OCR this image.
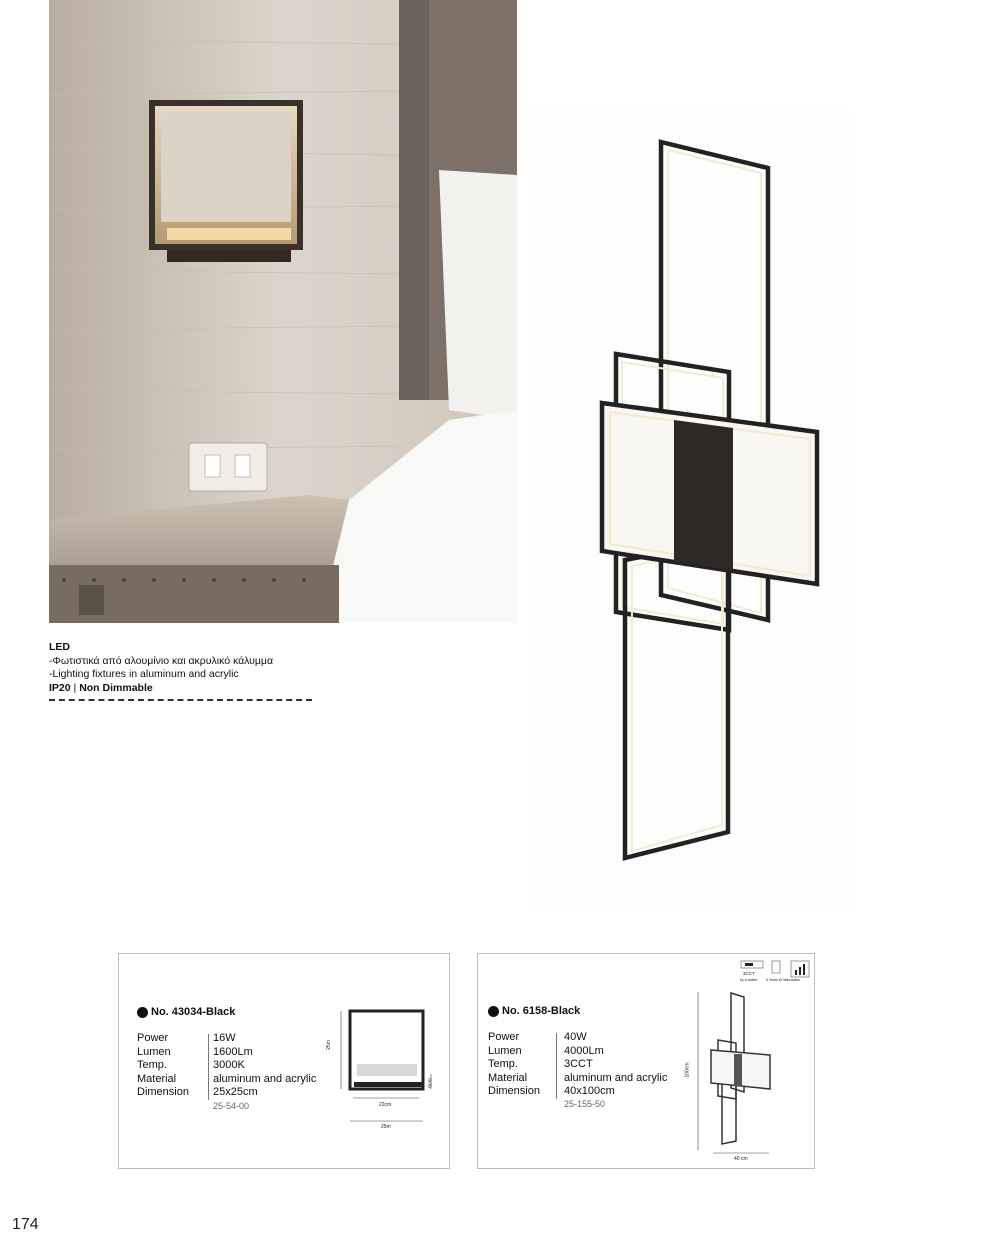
LED
-Φωτιστικά από αλουμίνιο και ακρυλικό κάλυμμα
-Lighting fixtures in aluminum and acrylic
IP20 | Non Dimmable
No. 43034-Black
Power
Lumen
Temp.
Material
Dimension
16W
1600Lm
3000K
aluminum and acrylic
25x25cm
25-54-00
25m
22cm
6cm
25m
3CCT
by a switch 5 Years ID Warranties
No. 6158-Black
Power
Lumen
Temp.
Material
Dimension
40W
4000Lm
3CCT
aluminum and acrylic
40x100cm
25-155-50
100cm
40 cm
174
